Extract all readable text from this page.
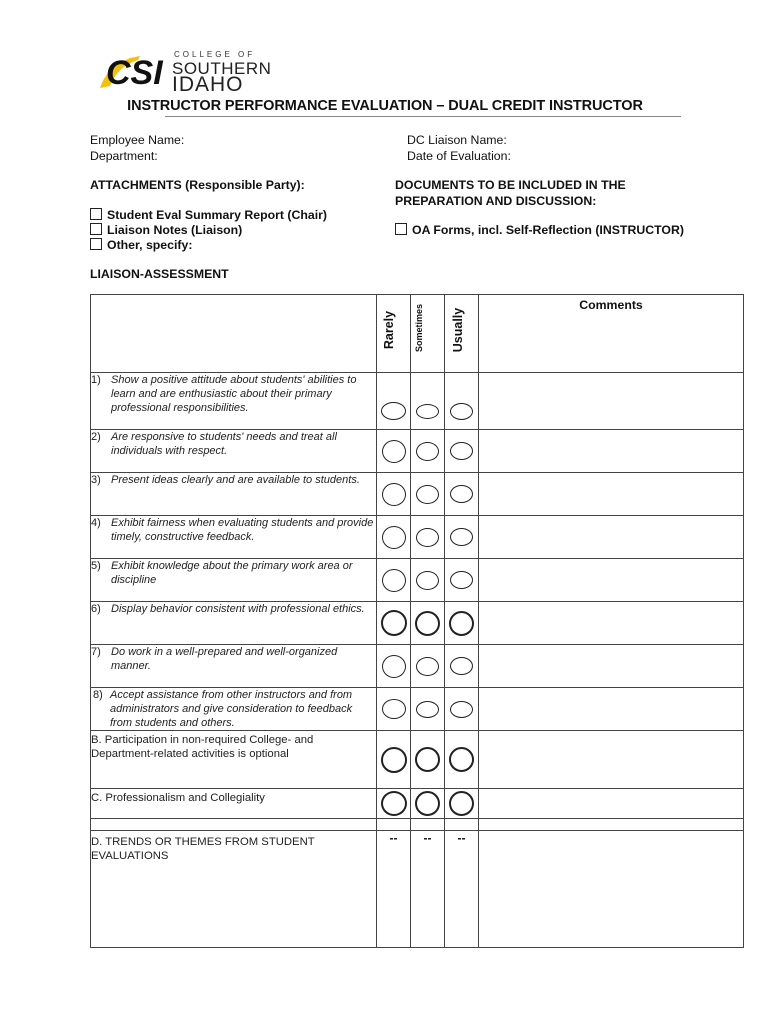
CSI COLLEGE OF
SOUTHERN
IDAHO
INSTRUCTOR PERFORMANCE EVALUATION – DUAL CREDIT INSTRUCTOR
Employee Name:
Department:
DC Liaison Name:
Date of Evaluation:
ATTACHMENTS (Responsible Party):
Student Eval Summary Report (Chair)
Liaison Notes (Liaison)
Other, specify:
DOCUMENTS TO BE INCLUDED IN THE
PREPARATION AND DISCUSSION:
OA Forms, incl. Self-Reflection (INSTRUCTOR)
LIAISON-ASSESSMENT

	Rarely	Sometimes	Usually	Comments
1) Show a positive attitude about students' abilities to learn and are enthusiastic about their primary professional responsibilities.				

2) Are responsive to students' needs and treat all individuals with respect.				

3) Present ideas clearly and are available to students.				

4) Exhibit fairness when evaluating students and provide timely, constructive feedback.				

5) Exhibit knowledge about the primary work area or discipline				

6) Display behavior consistent with professional ethics.				

7) Do work in a well-prepared and well-organized manner.				

8) Accept assistance from other instructors and from administrators and give consideration to feedback from students and others.				

B. Participation in non-required College- and Department-related activities is optional	

C. Professionalism and Collegiality	

D. TRENDS OR THEMES FROM STUDENT EVALUATIONS	--	--	--	
